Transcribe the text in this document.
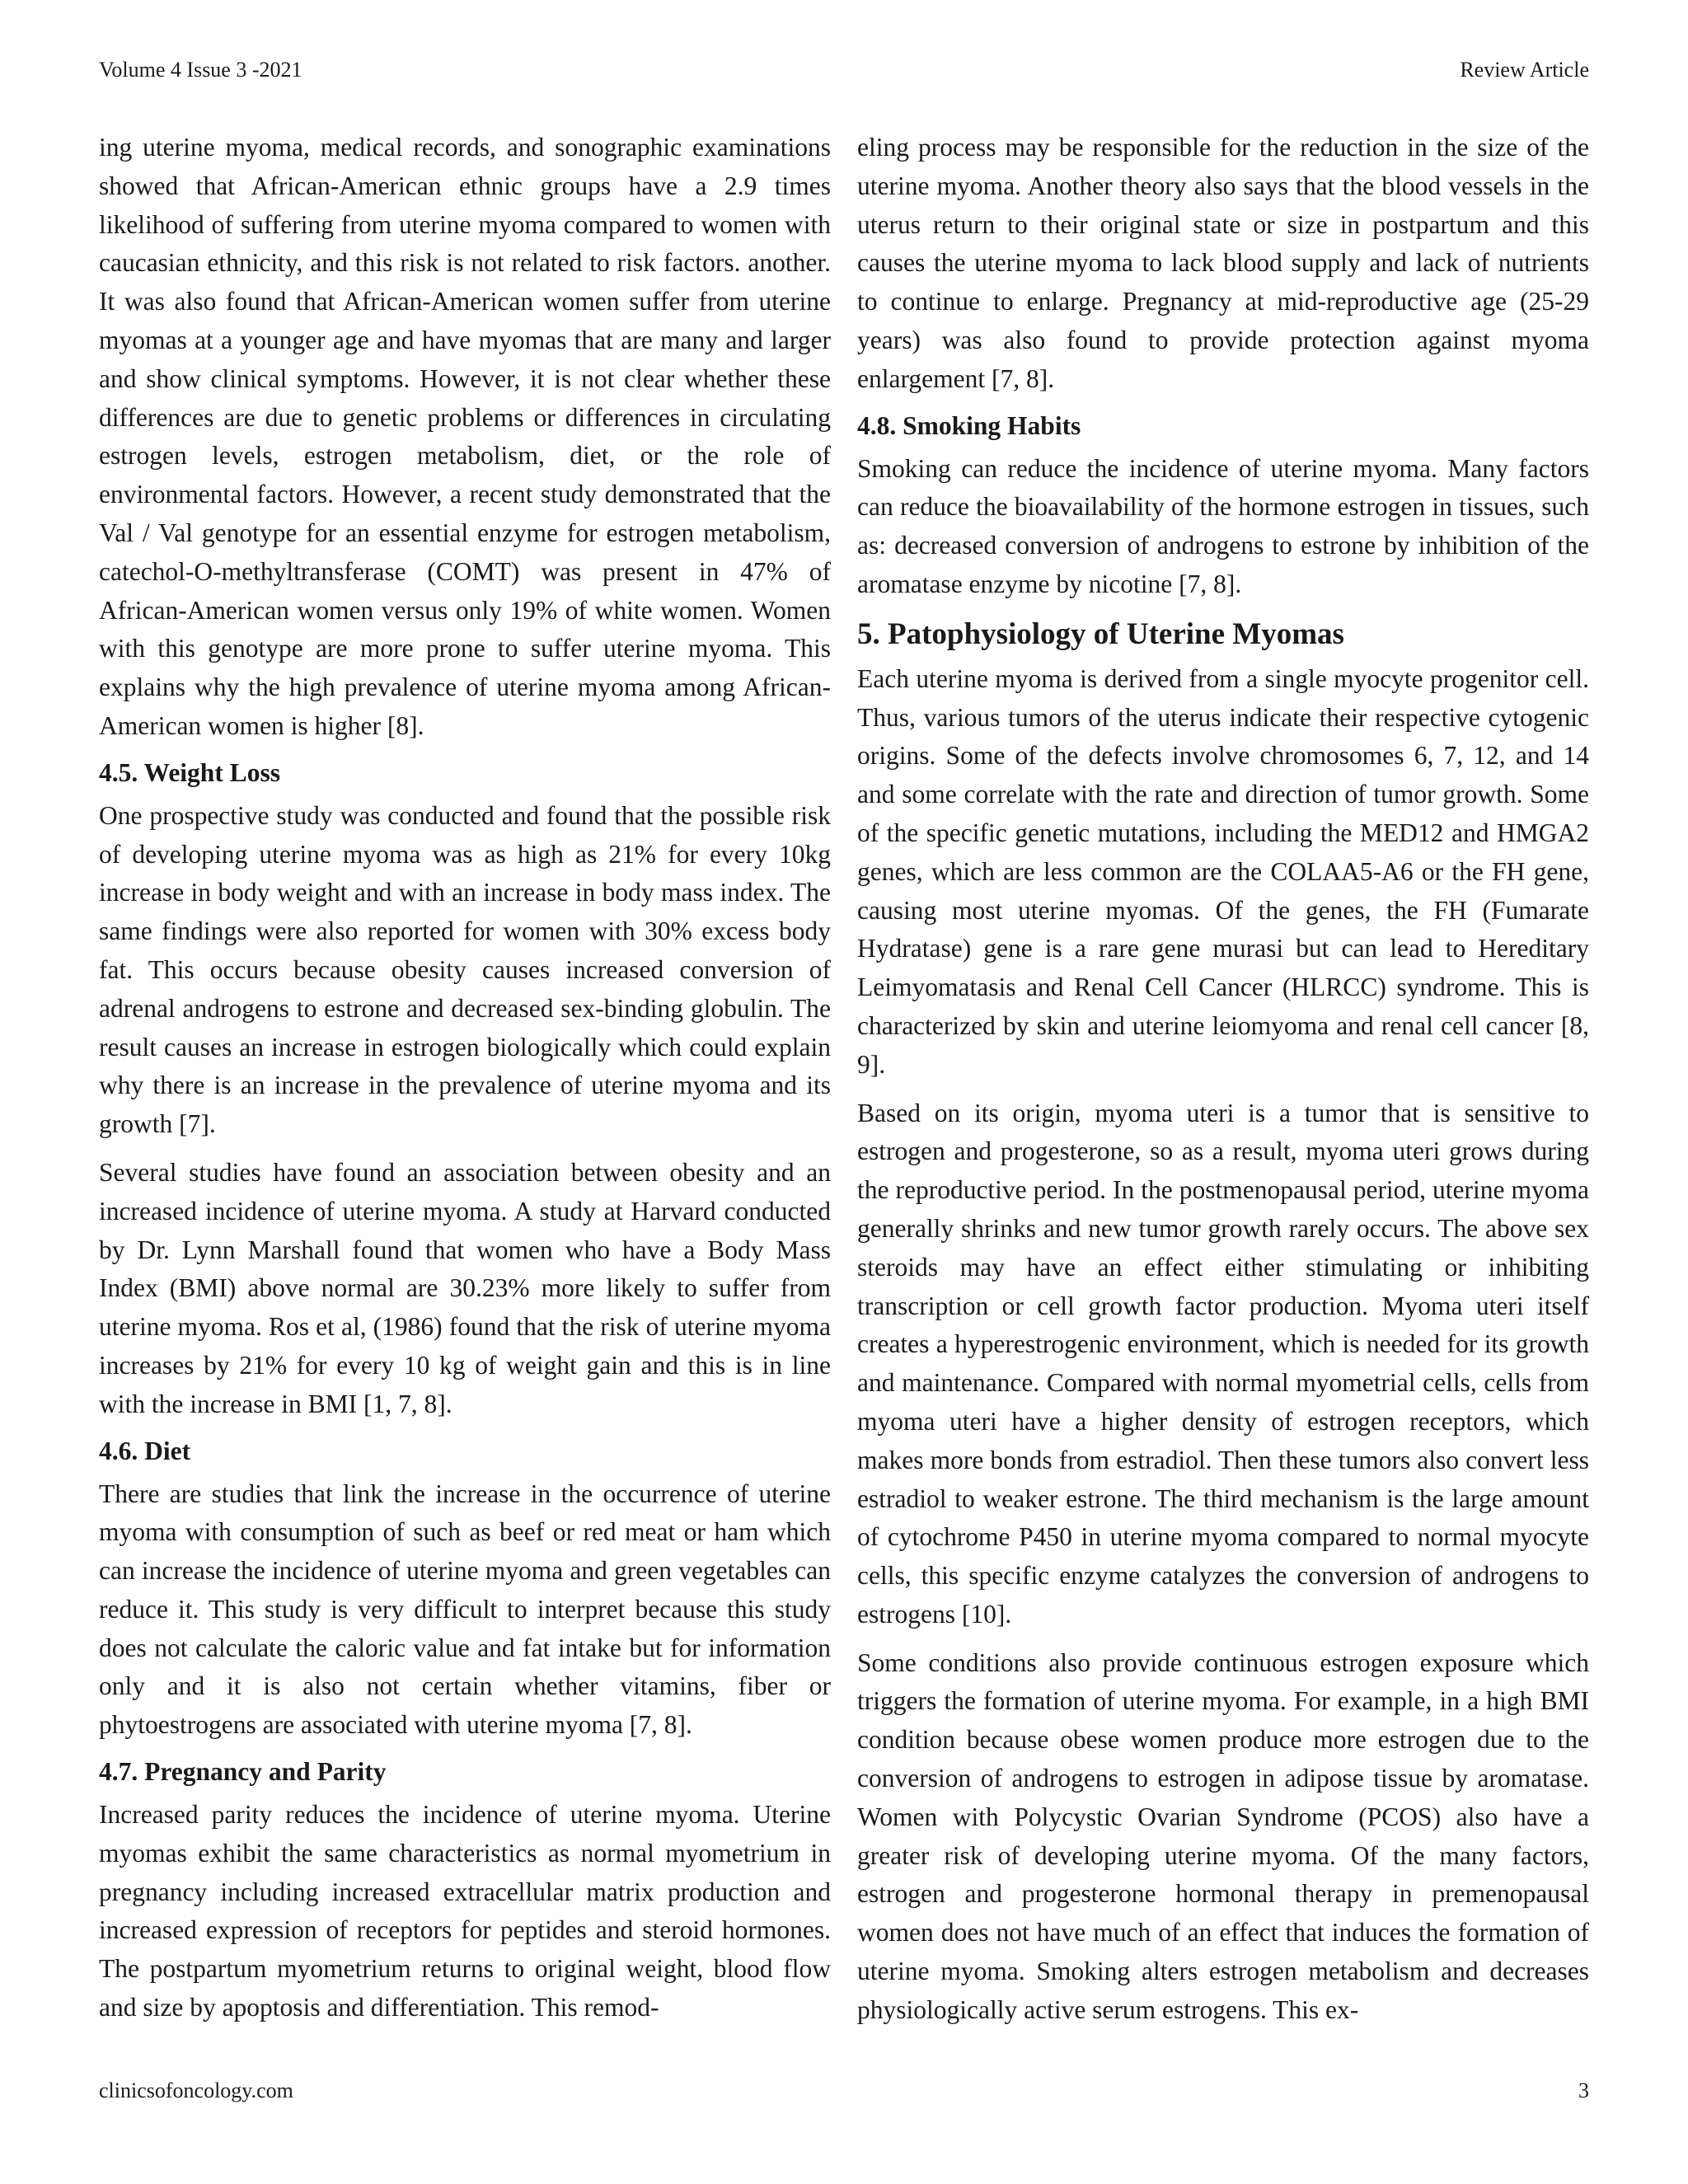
Volume 4 Issue 3 -2021	Review Article

ing uterine myoma, medical records, and sonographic examinations showed that African-American ethnic groups have a 2.9 times likelihood of suffering from uterine myoma compared to women with caucasian ethnicity, and this risk is not related to risk factors. another. It was also found that African-American women suffer from uterine myomas at a younger age and have myomas that are many and larger and show clinical symptoms. However, it is not clear whether these differences are due to genetic problems or differences in circulating estrogen levels, estrogen metabolism, diet, or the role of environmental factors. However, a recent study demonstrated that the Val / Val genotype for an essential enzyme for estrogen metabolism, catechol-O-methyltransferase (COMT) was present in 47% of African-American women versus only 19% of white women. Women with this genotype are more prone to suffer uterine myoma. This explains why the high prevalence of uterine myoma among African-American women is higher [8].

4.5. Weight Loss

One prospective study was conducted and found that the possible risk of developing uterine myoma was as high as 21% for every 10kg increase in body weight and with an increase in body mass index. The same findings were also reported for women with 30% excess body fat. This occurs because obesity causes increased conversion of adrenal androgens to estrone and decreased sex-binding globulin. The result causes an increase in estrogen biologically which could explain why there is an increase in the prevalence of uterine myoma and its growth [7].

Several studies have found an association between obesity and an increased incidence of uterine myoma. A study at Harvard conducted by Dr. Lynn Marshall found that women who have a Body Mass Index (BMI) above normal are 30.23% more likely to suffer from uterine myoma. Ros et al, (1986) found that the risk of uterine myoma increases by 21% for every 10 kg of weight gain and this is in line with the increase in BMI [1, 7, 8].

4.6. Diet

There are studies that link the increase in the occurrence of uterine myoma with consumption of such as beef or red meat or ham which can increase the incidence of uterine myoma and green vegetables can reduce it. This study is very difficult to interpret because this study does not calculate the caloric value and fat intake but for information only and it is also not certain whether vitamins, fiber or phytoestrogens are associated with uterine myoma [7, 8].

4.7. Pregnancy and Parity

Increased parity reduces the incidence of uterine myoma. Uterine myomas exhibit the same characteristics as normal myometrium in pregnancy including increased extracellular matrix production and increased expression of receptors for peptides and steroid hormones. The postpartum myometrium returns to original weight, blood flow and size by apoptosis and differentiation. This remod-

eling process may be responsible for the reduction in the size of the uterine myoma. Another theory also says that the blood vessels in the uterus return to their original state or size in postpartum and this causes the uterine myoma to lack blood supply and lack of nutrients to continue to enlarge. Pregnancy at mid-reproductive age (25-29 years) was also found to provide protection against myoma enlargement [7, 8].

4.8. Smoking Habits

Smoking can reduce the incidence of uterine myoma. Many factors can reduce the bioavailability of the hormone estrogen in tissues, such as: decreased conversion of androgens to estrone by inhibition of the aromatase enzyme by nicotine [7, 8].

5. Patophysiology of Uterine Myomas

Each uterine myoma is derived from a single myocyte progenitor cell. Thus, various tumors of the uterus indicate their respective cytogenic origins. Some of the defects involve chromosomes 6, 7, 12, and 14 and some correlate with the rate and direction of tumor growth. Some of the specific genetic mutations, including the MED12 and HMGA2 genes, which are less common are the COLAA5-A6 or the FH gene, causing most uterine myomas. Of the genes, the FH (Fumarate Hydratase) gene is a rare gene murasi but can lead to Hereditary Leimyomatasis and Renal Cell Cancer (HLRCC) syndrome. This is characterized by skin and uterine leiomyoma and renal cell cancer [8, 9].

Based on its origin, myoma uteri is a tumor that is sensitive to estrogen and progesterone, so as a result, myoma uteri grows during the reproductive period. In the postmenopausal period, uterine myoma generally shrinks and new tumor growth rarely occurs. The above sex steroids may have an effect either stimulating or inhibiting transcription or cell growth factor production. Myoma uteri itself creates a hyperestrogenic environment, which is needed for its growth and maintenance. Compared with normal myometrial cells, cells from myoma uteri have a higher density of estrogen receptors, which makes more bonds from estradiol. Then these tumors also convert less estradiol to weaker estrone. The third mechanism is the large amount of cytochrome P450 in uterine myoma compared to normal myocyte cells, this specific enzyme catalyzes the conversion of androgens to estrogens [10].

Some conditions also provide continuous estrogen exposure which triggers the formation of uterine myoma. For example, in a high BMI condition because obese women produce more estrogen due to the conversion of androgens to estrogen in adipose tissue by aromatase. Women with Polycystic Ovarian Syndrome (PCOS) also have a greater risk of developing uterine myoma. Of the many factors, estrogen and progesterone hormonal therapy in premenopausal women does not have much of an effect that induces the formation of uterine myoma. Smoking alters estrogen metabolism and decreases physiologically active serum estrogens. This ex-

clinicsofoncology.com	3
